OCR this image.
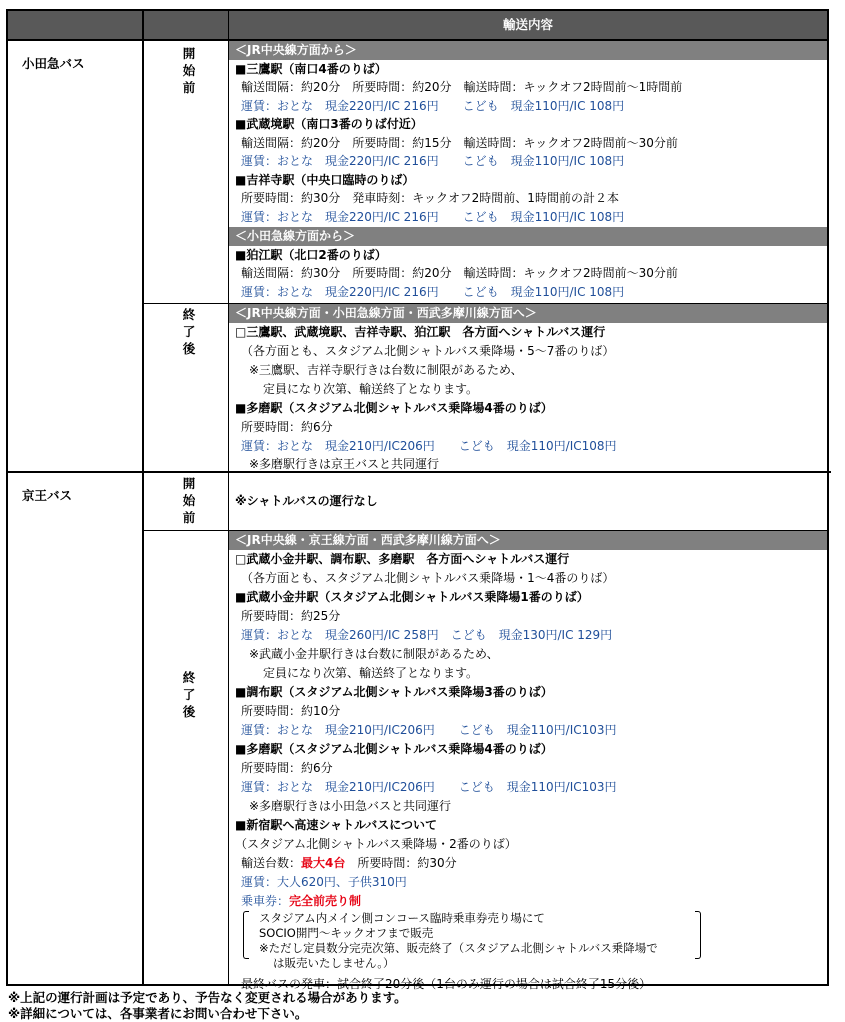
輸送内容
小田急バス
京王バス
開
始
前
終
了
後
開
始
前
終
了
後
＜JR中央線方面から＞
■三鷹駅（南口4番のりば）
輸送間隔：約20分　所要時間：約20分　輸送時間：キックオフ2時間前～1時間前
運賃：おとな　現金220円/IC 216円　　こども　現金110円/IC 108円
■武蔵境駅（南口3番のりば付近）
輸送間隔：約20分　所要時間：約15分　輸送時間：キックオフ2時間前～30分前
運賃：おとな　現金220円/IC 216円　　こども　現金110円/IC 108円
■吉祥寺駅（中央口臨時のりば）
所要時間：約30分　発車時刻：キックオフ2時間前、1時間前の計２本
運賃：おとな　現金220円/IC 216円　　こども　現金110円/IC 108円
＜小田急線方面から＞
■狛江駅（北口2番のりば）
輸送間隔：約30分　所要時間：約20分　輸送時間：キックオフ2時間前～30分前
運賃：おとな　現金220円/IC 216円　　こども　現金110円/IC 108円
＜JR中央線方面・小田急線方面・西武多摩川線方面へ＞
□三鷹駅、武蔵境駅、吉祥寺駅、狛江駅　各方面へシャトルバス運行
（各方面とも、スタジアム北側シャトルバス乗降場・5～7番のりば）
※三鷹駅、吉祥寺駅行きは台数に制限があるため、
定員になり次第、輸送終了となります。
■多磨駅（スタジアム北側シャトルバス乗降場4番のりば）
所要時間：約6分
運賃：おとな　現金210円/IC206円　　こども　現金110円/IC108円
※多磨駅行きは京王バスと共同運行
※シャトルバスの運行なし
＜JR中央線・京王線方面・西武多摩川線方面へ＞
□武蔵小金井駅、調布駅、多磨駅　各方面へシャトルバス運行
（各方面とも、スタジアム北側シャトルバス乗降場・1～4番のりば）
■武蔵小金井駅（スタジアム北側シャトルバス乗降場1番のりば）
所要時間：約25分
運賃：おとな　現金260円/IC 258円　こども　現金130円/IC 129円
※武蔵小金井駅行きは台数に制限があるため、
定員になり次第、輸送終了となります。
■調布駅（スタジアム北側シャトルバス乗降場3番のりば）
所要時間：約10分
運賃：おとな　現金210円/IC206円　　こども　現金110円/IC103円
■多磨駅（スタジアム北側シャトルバス乗降場4番のりば）
所要時間：約6分
運賃：おとな　現金210円/IC206円　　こども　現金110円/IC103円
※多磨駅行きは小田急バスと共同運行
■新宿駅へ高速シャトルバスについて
（スタジアム北側シャトルバス乗降場・2番のりば）
輸送台数：最大4台　所要時間：約30分
運賃：大人620円、子供310円
乗車券：完全前売り制
スタジアム内メイン側コンコース臨時乗車券売り場にて
SOCIO開門～キックオフまで販売
※ただし定員数分完売次第、販売終了（スタジアム北側シャトルバス乗降場で
は販売いたしません。）
最終バスの発車：試合終了20分後（1台のみ運行の場合は試合終了15分後）
※上記の運行計画は予定であり、予告なく変更される場合があります。
※詳細については、各事業者にお問い合わせ下さい。
